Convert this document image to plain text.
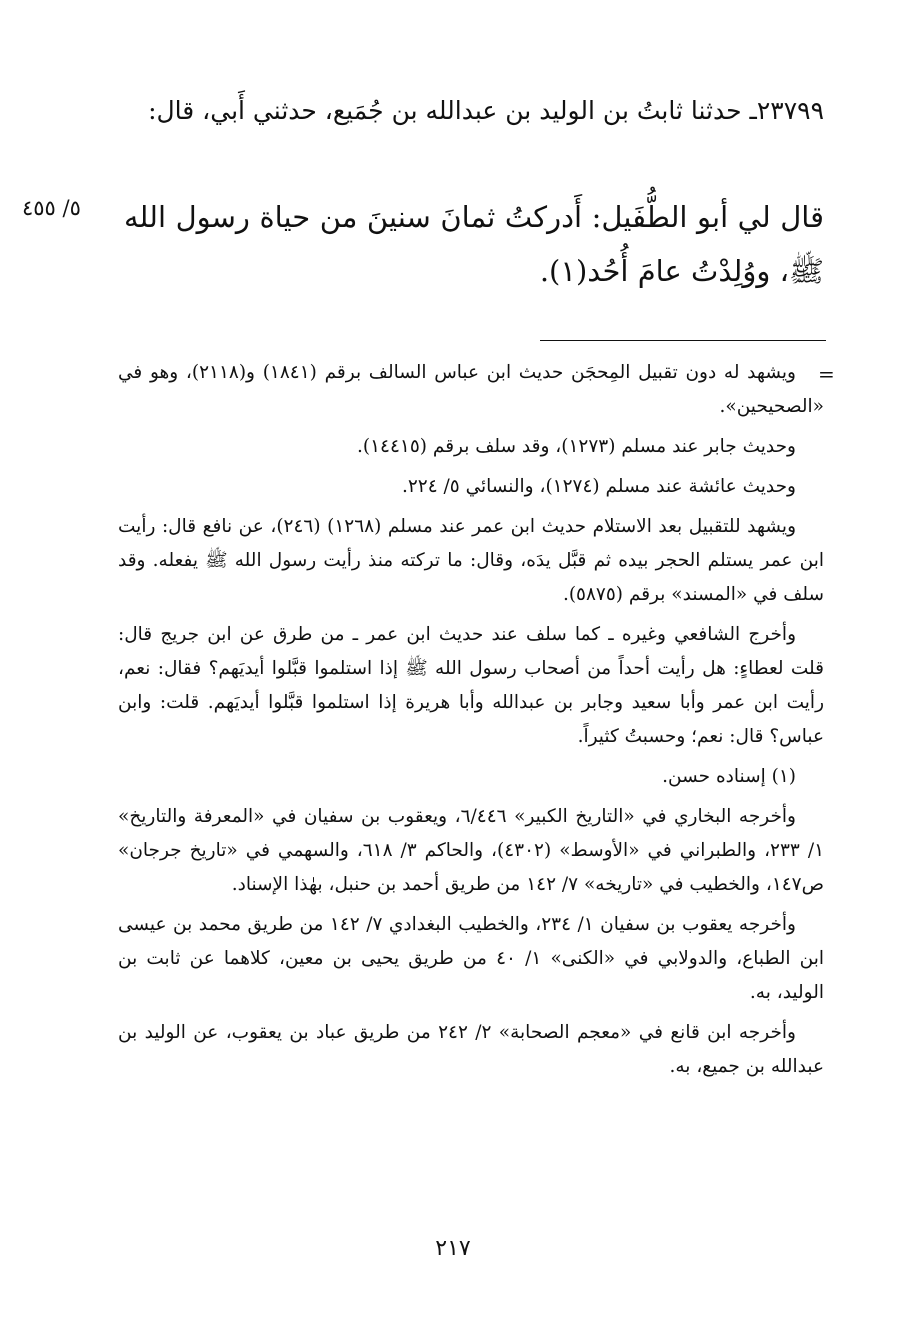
٢٣٧٩٩ـ حدثنا ثابتُ بن الوليد بن عبدالله بن جُمَيع، حدثني أَبي، قال:
قال لي أبو الطُّفَيل: أَدركتُ ثمانَ سنينَ من حياة رسول الله ﷺ، ووُلِدْتُ عامَ أُحُد(١).
٥/ ٤٥٥
=

ويشهد له دون تقبيل المِحجَن حديث ابن عباس السالف برقم (١٨٤١) و(٢١١٨)، وهو في «الصحيحين».

وحديث جابر عند مسلم (١٢٧٣)، وقد سلف برقم (١٤٤١٥).

وحديث عائشة عند مسلم (١٢٧٤)، والنسائي ٥/ ٢٢٤.

ويشهد للتقبيل بعد الاستلام حديث ابن عمر عند مسلم (١٢٦٨) (٢٤٦)، عن نافع قال: رأيت ابن عمر يستلم الحجر بيده ثم قبَّل يدَه، وقال: ما تركته منذ رأيت رسول الله ﷺ يفعله. وقد سلف في «المسند» برقم (٥٨٧٥).

وأخرج الشافعي وغيره ـ كما سلف عند حديث ابن عمر ـ من طرق عن ابن جريج قال: قلت لعطاءٍ: هل رأيت أحداً من أصحاب رسول الله ﷺ إذا استلموا قبَّلوا أيديَهم؟ فقال: نعم، رأيت ابن عمر وأبا سعيد وجابر بن عبدالله وأبا هريرة إذا استلموا قبَّلوا أيديَهم. قلت: وابن عباس؟ قال: نعم؛ وحسبتُ كثيراً.

(١) إسناده حسن.

وأخرجه البخاري في «التاريخ الكبير» ٦/٤٤٦، ويعقوب بن سفيان في «المعرفة والتاريخ» ١/ ٢٣٣، والطبراني في «الأوسط» (٤٣٠٢)، والحاكم ٣/ ٦١٨، والسهمي في «تاريخ جرجان» ص١٤٧، والخطيب في «تاريخه» ٧/ ١٤٢ من طريق أحمد بن حنبل، بهٰذا الإسناد.

وأخرجه يعقوب بن سفيان ١/ ٢٣٤، والخطيب البغدادي ٧/ ١٤٢ من طريق محمد بن عيسى ابن الطباع، والدولابي في «الكنى» ١/ ٤٠ من طريق يحيى بن معين، كلاهما عن ثابت بن الوليد، به.

وأخرجه ابن قانع في «معجم الصحابة» ٢/ ٢٤٢ من طريق عباد بن يعقوب، عن الوليد بن عبدالله بن جميع، به.

٢١٧
